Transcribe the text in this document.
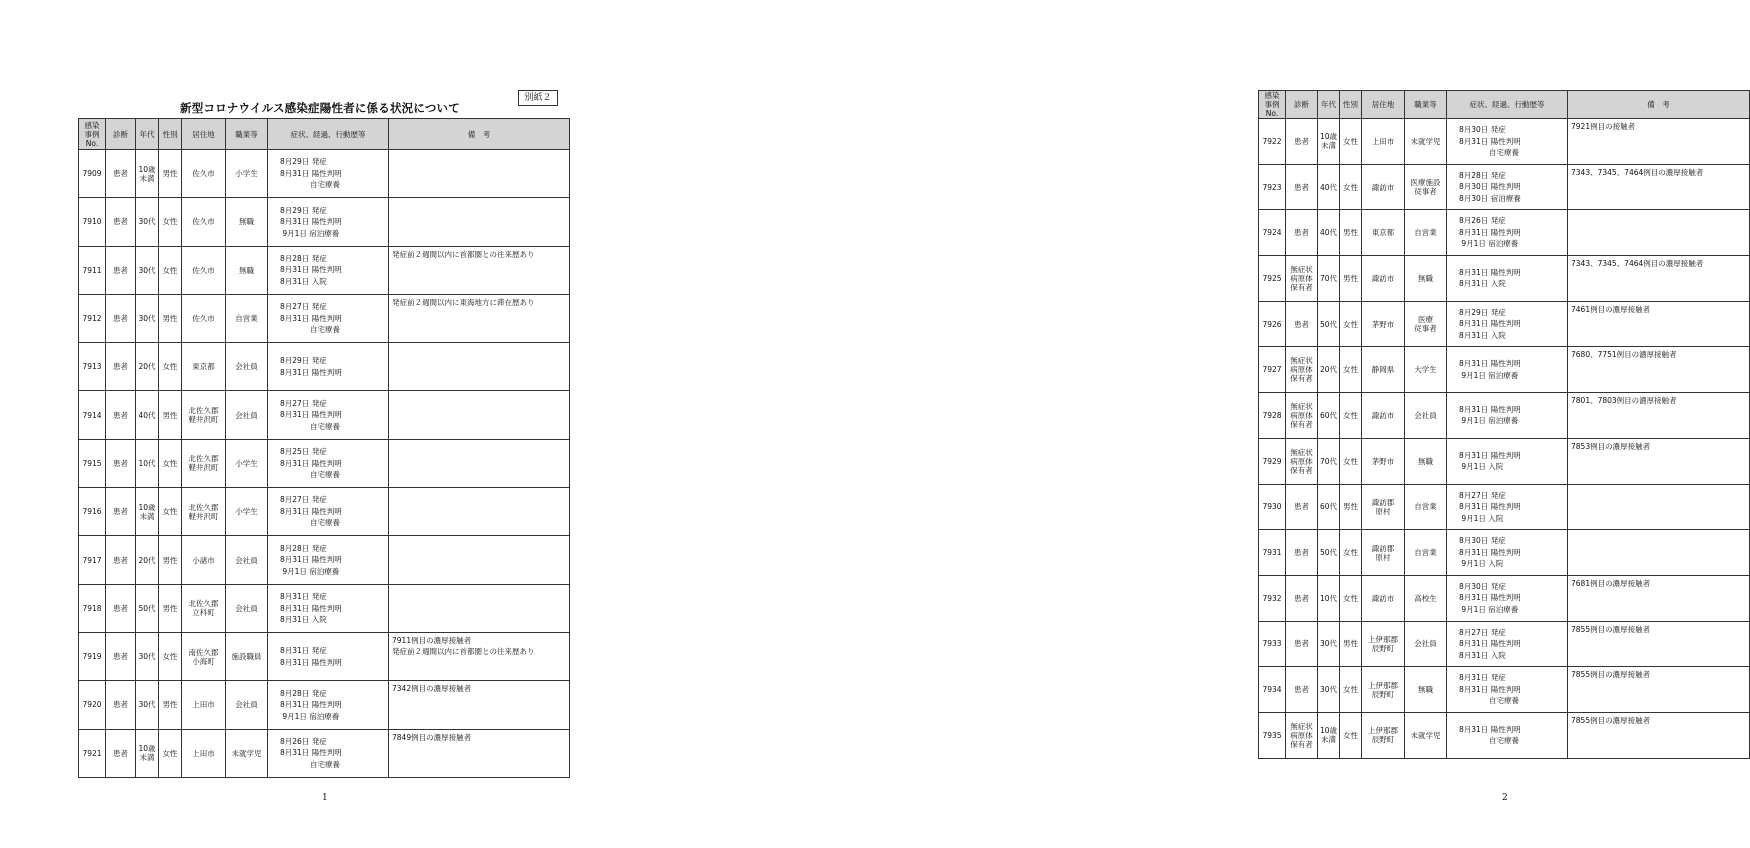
別紙２
新型コロナウイルス感染症陽性者に係る状況について
感染
事例
No.	診断	年代	性別	居住地	職業等	症状、経過、行動歴等	備　考
7909	患者	10歳
未満	男性	佐久市	小学生	8月29日 発症
8月31日 陽性判明
　　　　自宅療養	
7910	患者	30代	女性	佐久市	無職	8月29日 発症
8月31日 陽性判明
9月1日 宿泊療養	
7911	患者	30代	女性	佐久市	無職	8月28日 発症
8月31日 陽性判明
8月31日 入院	発症前２週間以内に首都圏との往来歴あり
7912	患者	30代	男性	佐久市	自営業	8月27日 発症
8月31日 陽性判明
　　　　自宅療養	発症前２週間以内に東海地方に滞在歴あり
7913	患者	20代	女性	東京都	会社員	8月29日 発症
8月31日 陽性判明	
7914	患者	40代	男性	北佐久郡
軽井沢町	会社員	8月27日 発症
8月31日 陽性判明
　　　　自宅療養	
7915	患者	10代	女性	北佐久郡
軽井沢町	小学生	8月25日 発症
8月31日 陽性判明
　　　　自宅療養	
7916	患者	10歳
未満	女性	北佐久郡
軽井沢町	小学生	8月27日 発症
8月31日 陽性判明
　　　　自宅療養	
7917	患者	20代	男性	小諸市	会社員	8月28日 発症
8月31日 陽性判明
9月1日 宿泊療養	
7918	患者	50代	男性	北佐久郡
立科町	会社員	8月31日 発症
8月31日 陽性判明
8月31日 入院	
7919	患者	30代	女性	南佐久郡
小海町	施設職員	8月31日 発症
8月31日 陽性判明	7911例目の濃厚接触者
発症前２週間以内に首都圏との往来歴あり
7920	患者	30代	男性	上田市	会社員	8月28日 発症
8月31日 陽性判明
9月1日 宿泊療養	7342例目の濃厚接触者
7921	患者	10歳
未満	女性	上田市	未就学児	8月26日 発症
8月31日 陽性判明
　　　　自宅療養	7849例目の濃厚接触者
1
感染
事例
No.	診断	年代	性別	居住地	職業等	症状、経過、行動歴等	備　考
7922	患者	10歳
未満	女性	上田市	未就学児	8月30日 発症
8月31日 陽性判明
　　　　自宅療養	7921例目の接触者
7923	患者	40代	女性	諏訪市	医療施設
従事者	8月28日 発症
8月30日 陽性判明
8月30日 宿泊療養	7343、7345、7464例目の濃厚接触者
7924	患者	40代	男性	東京都	自営業	8月26日 発症
8月31日 陽性判明
9月1日 宿泊療養	
7925	無症状
病原体
保有者	70代	男性	諏訪市	無職	8月31日 陽性判明
8月31日 入院	7343、7345、7464例目の濃厚接触者
7926	患者	50代	女性	茅野市	医療
従事者	8月29日 発症
8月31日 陽性判明
8月31日 入院	7461例目の濃厚接触者
7927	無症状
病原体
保有者	20代	女性	静岡県	大学生	8月31日 陽性判明
9月1日 宿泊療養	7680、7751例目の濃厚接触者
7928	無症状
病原体
保有者	60代	女性	諏訪市	会社員	8月31日 陽性判明
9月1日 宿泊療養	7801、7803例目の濃厚接触者
7929	無症状
病原体
保有者	70代	女性	茅野市	無職	8月31日 陽性判明
9月1日 入院	7853例目の濃厚接触者
7930	患者	60代	男性	諏訪郡
原村	自営業	8月27日 発症
8月31日 陽性判明
9月1日 入院	
7931	患者	50代	女性	諏訪郡
原村	自営業	8月30日 発症
8月31日 陽性判明
9月1日 入院	
7932	患者	10代	女性	諏訪市	高校生	8月30日 発症
8月31日 陽性判明
9月1日 宿泊療養	7681例目の濃厚接触者
7933	患者	30代	男性	上伊那郡
辰野町	会社員	8月27日 発症
8月31日 陽性判明
8月31日 入院	7855例目の濃厚接触者
7934	患者	30代	女性	上伊那郡
辰野町	無職	8月31日 発症
8月31日 陽性判明
　　　　自宅療養	7855例目の濃厚接触者
7935	無症状
病原体
保有者	10歳
未満	女性	上伊那郡
辰野町	未就学児	8月31日 陽性判明
　　　　自宅療養	7855例目の濃厚接触者
2
